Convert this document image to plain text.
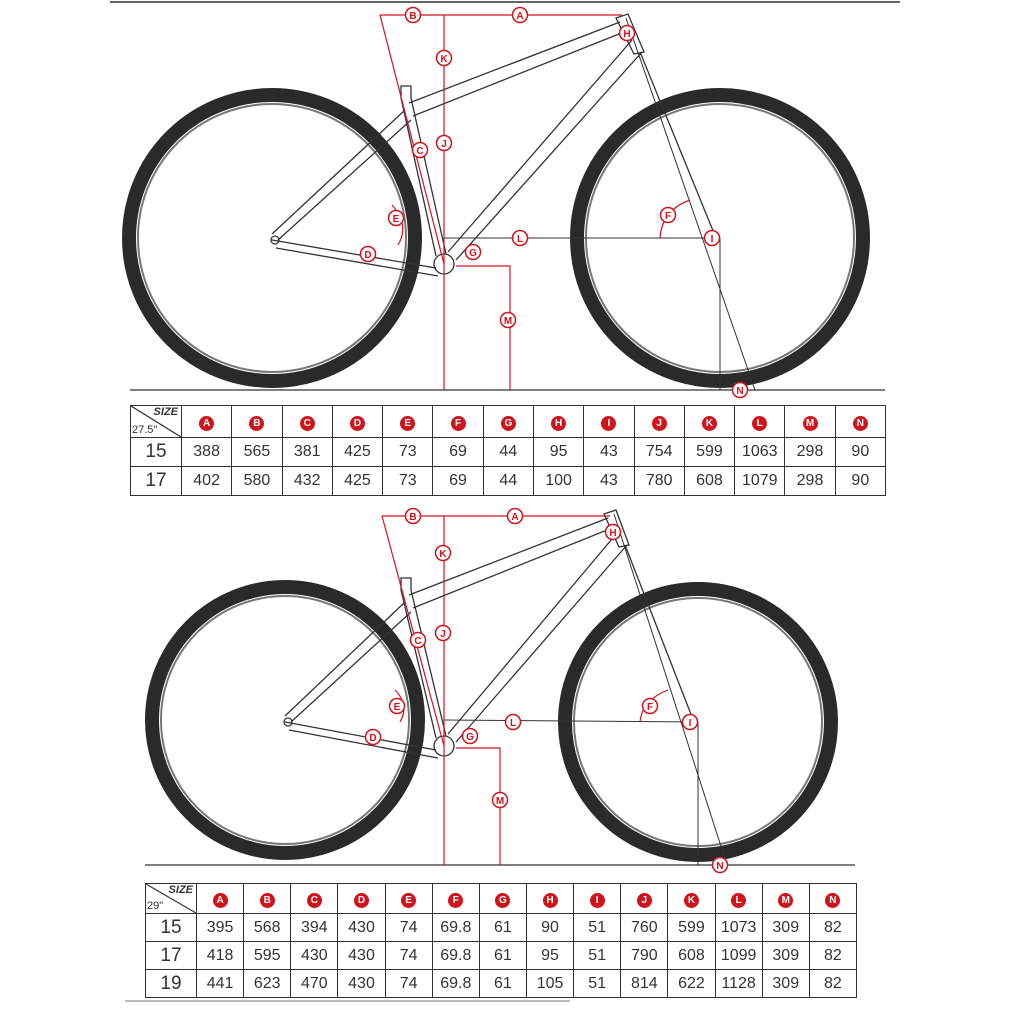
A
B
C
D
E	F
G
H
I
J
K
L
M
N
A
B
C
D
E	F
G
H
I
J
K
L
M
N
SIZE
27.5"	A	B	C	D	E	F	G	H	I	J	K	L	M	N
15	388	565	381	425	73	69	44	95	43	754	599	1063	298	90
17	402	580	432	425	73	69	44	100	43	780	608	1079	298	90
SIZE
29"	A	B	C	D	E	F	G	H	I	J	K	L	M	N
15	395	568	394	430	74	69.8	61	90	51	760	599	1073	309	82
17	418	595	430	430	74	69.8	61	95	51	790	608	1099	309	82
19	441	623	470	430	74	69.8	61	105	51	814	622	1128	309	82
